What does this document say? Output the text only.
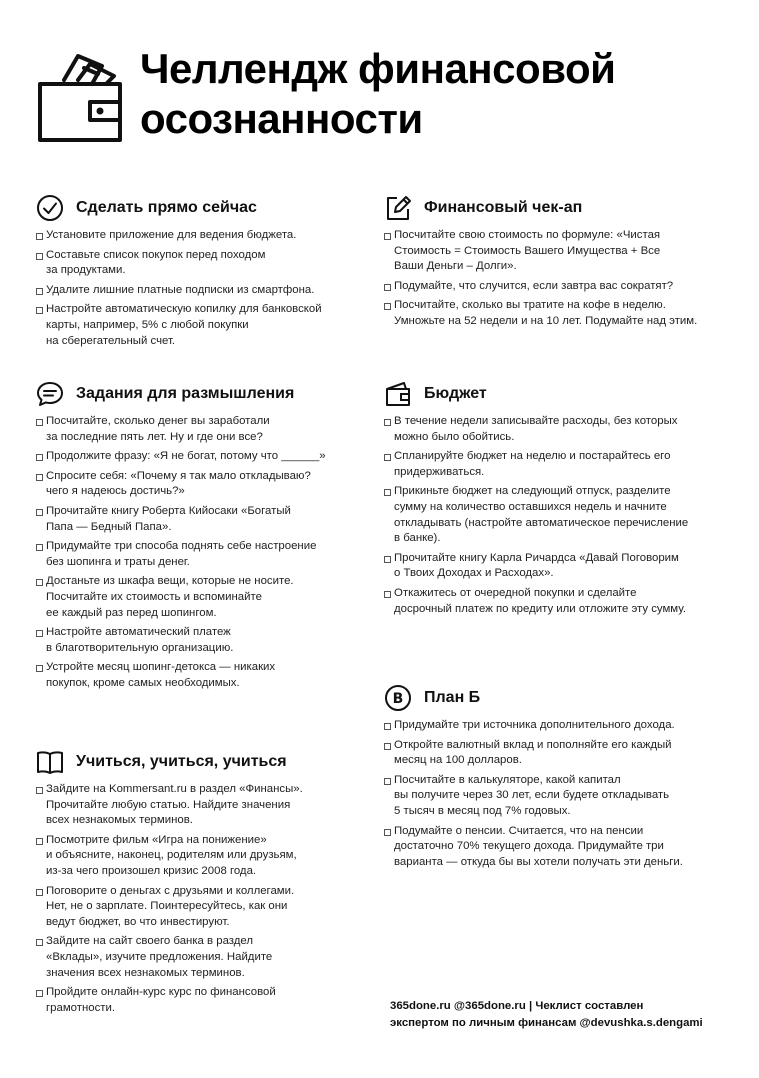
Челлендж финансовой
осознанности
Сделать прямо сейчас
Установите приложение для ведения бюджета.
Составьте список покупок перед походом
за продуктами.
Удалите лишние платные подписки из смартфона.
Настройте автоматическую копилку для банковской
карты, например, 5% с любой покупки
на сберегательный счет.
Финансовый чек-ап
Посчитайте свою стоимость по формуле: «Чистая
Стоимость = Стоимость Вашего Имущества + Все
Ваши Деньги – Долги».
Подумайте, что случится, если завтра вас сократят?
Посчитайте, сколько вы тратите на кофе в неделю.
Умножьте на 52 недели и на 10 лет. Подумайте над этим.
Задания для размышления
Посчитайте, сколько денег вы заработали
за последние пять лет. Ну и где они все?
Продолжите фразу: «Я не богат, потому что ______»
Спросите себя: «Почему я так мало откладываю?
чего я надеюсь достичь?»
Прочитайте книгу Роберта Кийосаки «Богатый
Папа — Бедный Папа».
Придумайте три способа поднять себе настроение
без шопинга и траты денег.
Достаньте из шкафа вещи, которые не носите.
Посчитайте их стоимость и вспоминайте
ее каждый раз перед шопингом.
Настройте автоматический платеж
в благотворительную организацию.
Устройте месяц шопинг-детокса — никаких
покупок, кроме самых необходимых.
Бюджет
В течение недели записывайте расходы, без которых
можно было обойтись.
Спланируйте бюджет на неделю и постарайтесь его
придерживаться.
Прикиньте бюджет на следующий отпуск, разделите
сумму на количество оставшихся недель и начните
откладывать (настройте автоматическое перечисление
в банке).
Прочитайте книгу Карла Ричардса «Давай Поговорим
о Твоих Доходах и Расходах».
Откажитесь от очередной покупки и сделайте
досрочный платеж по кредиту или отложите эту сумму.
B План Б
Придумайте три источника дополнительного дохода.
Откройте валютный вклад и пополняйте его каждый
месяц на 100 долларов.
Посчитайте в калькуляторе, какой капитал
вы получите через 30 лет, если будете откладывать
5 тысяч в месяц под 7% годовых.
Подумайте о пенсии. Считается, что на пенсии
достаточно 70% текущего дохода. Придумайте три
варианта — откуда бы вы хотели получать эти деньги.
Учиться, учиться, учиться
Зайдите на Kommersant.ru в раздел «Финансы».
Прочитайте любую статью. Найдите значения
всех незнакомых терминов.
Посмотрите фильм «Игра на понижение»
и объясните, наконец, родителям или друзьям,
из-за чего произошел кризис 2008 года.
Поговорите о деньгах с друзьями и коллегами.
Нет, не о зарплате. Поинтересуйтесь, как они
ведут бюджет, во что инвестируют.
Зайдите на сайт своего банка в раздел
«Вклады», изучите предложения. Найдите
значения всех незнакомых терминов.
Пройдите онлайн-курс курс по финансовой
грамотности.	365done.ru @365done.ru | Чеклист составлен
экспертом по личным финансам @devushka.s.dengami
